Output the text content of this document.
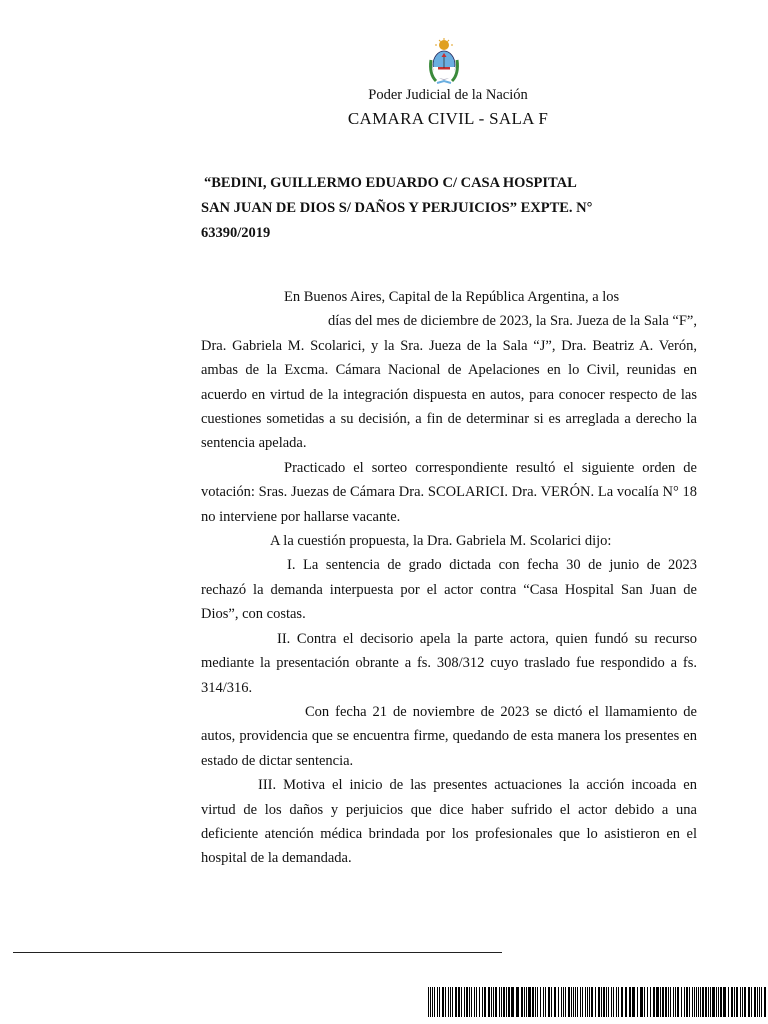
Poder Judicial de la Nación
CAMARA CIVIL - SALA F
“BEDINI, GUILLERMO EDUARDO C/ CASA HOSPITAL
SAN JUAN DE DIOS S/ DAÑOS Y PERJUICIOS” EXPTE. N°
63390/2019

En Buenos Aires, Capital de la República Argentina, a los

días del mes de diciembre de 2023, la Sra. Jueza de la Sala “F”, Dra. Gabriela M. Scolarici, y la Sra. Jueza de la Sala “J”, Dra. Beatriz A. Verón, ambas de la Excma. Cámara Nacional de Apelaciones en lo Civil, reunidas en acuerdo en virtud de la integración dispuesta en autos, para conocer respecto de las cuestiones sometidas a su decisión, a fin de determinar si es arreglada a derecho la sentencia apelada.

Practicado el sorteo correspondiente resultó el siguiente orden de votación: Sras. Juezas de Cámara Dra. SCOLARICI. Dra. VERÓN. La vocalía N° 18 no interviene por hallarse vacante.

A la cuestión propuesta, la Dra. Gabriela M. Scolarici dijo:

I. La sentencia de grado dictada con fecha 30 de junio de 2023 rechazó la demanda interpuesta por el actor contra “Casa Hospital San Juan de Dios”, con costas.

II. Contra el decisorio apela la parte actora, quien fundó su recurso mediante la presentación obrante a fs. 308/312 cuyo traslado fue respondido a fs. 314/316.

Con fecha 21 de noviembre de 2023 se dictó el llamamiento de autos, providencia que se encuentra firme, quedando de esta manera los presentes en estado de dictar sentencia.

III. Motiva el inicio de las presentes actuaciones la acción incoada en virtud de los daños y perjuicios que dice haber sufrido el actor debido a una deficiente atención médica brindada por los profesionales que lo asistieron en el hospital de la demandada.
